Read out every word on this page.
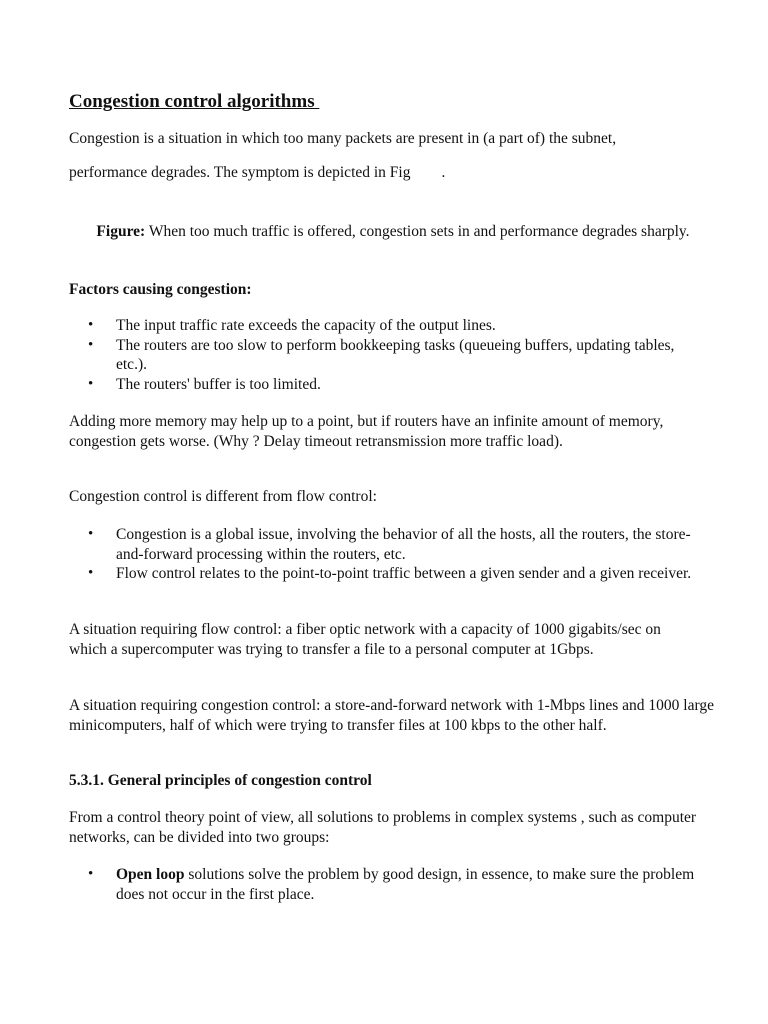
Congestion control algorithms
Congestion is a situation in which too many packets are present in (a part of) the subnet,
performance degrades. The symptom is depicted in Fig        .
Figure: When too much traffic is offered, congestion sets in and performance degrades sharply.
Factors causing congestion:
• The input traffic rate exceeds the capacity of the output lines.
• The routers are too slow to perform bookkeeping tasks (queueing buffers, updating tables, etc.).
• The routers' buffer is too limited.
Adding more memory may help up to a point, but if routers have an infinite amount of memory, congestion gets worse. (Why ? Delay timeout retransmission more traffic load).
Congestion control is different from flow control:
• Congestion is a global issue, involving the behavior of all the hosts, all the routers, the store-and-forward processing within the routers, etc.
• Flow control relates to the point-to-point traffic between a given sender and a given receiver.
A situation requiring flow control: a fiber optic network with a capacity of 1000 gigabits/sec on which a supercomputer was trying to transfer a file to a personal computer at 1Gbps.
A situation requiring congestion control: a store-and-forward network with 1-Mbps lines and 1000 large minicomputers, half of which were trying to transfer files at 100 kbps to the other half.
5.3.1. General principles of congestion control
From a control theory point of view, all solutions to problems in complex systems , such as computer networks, can be divided into two groups:
• Open loop solutions solve the problem by good design, in essence, to make sure the problem does not occur in the first place.
